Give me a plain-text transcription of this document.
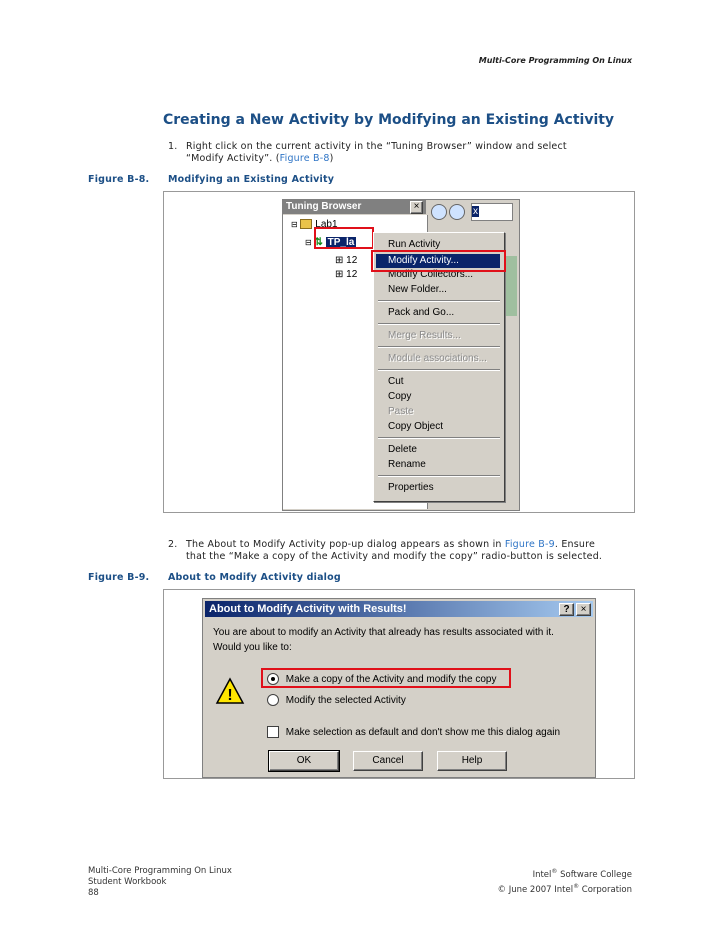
Multi-Core Programming On Linux
Creating a New Activity by Modifying an Existing Activity
1. Right click on the current activity in the “Tuning Browser” window and select
“Modify Activity”. (Figure B-8)
Figure B-8. Modifying an Existing Activity
Tuning Browser	×
⊟ Lab1
⊟ ⇅ TP_la
⊞ 12
⊞ 12
x
Run Activity
Modify Activity...
Modify Collectors...
New Folder...
Pack and Go...
Merge Results...
Module associations...
Cut
Copy
Paste
Copy Object
Delete
Rename
Properties
2. The About to Modify Activity pop-up dialog appears as shown in Figure B-9. Ensure
that the “Make a copy of the Activity and modify the copy” radio-button is selected.
Figure B-9. About to Modify Activity dialog
About to Modify Activity with Results!	?	×
You are about to modify an Activity that already has results associated with it.
Would you like to:
!
Make a copy of the Activity and modify the copy
Modify the selected Activity
Make selection as default and don't show me this dialog again
OK	Cancel	Help
Multi-Core Programming On Linux
Student Workbook
88
Intel® Software College
© June 2007 Intel® Corporation
